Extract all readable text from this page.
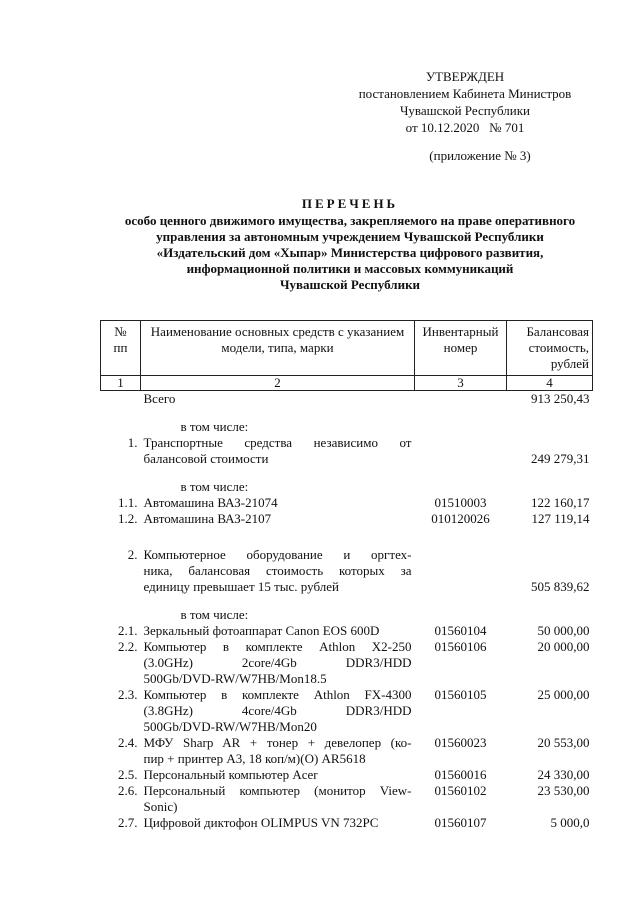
УТВЕРЖДЕН
постановлением Кабинета Министров
Чувашской Республики
от 10.12.2020   № 701
(приложение № 3)
ПЕРЕЧЕНЬ
особо ценного движимого имущества, закрепляемого на праве оперативного
управления за автономным учреждением Чувашской Республики
«Издательский дом «Хыпар» Министерства цифрового развития,
информационной политики и массовых коммуникаций
Чувашской Республики
№ пп	Наименование основных средств с указанием модели, типа, марки	Инвентарный номер	Балансовая стоимость, рублей
1	2	3	4
	Всего		913 250,43

	в том числе:		
1.	Транспортные средства независимо от
балансовой стоимости		249 279,31

	в том числе:		
1.1.	Автомашина ВАЗ-21074	01510003	122 160,17
1.2.	Автомашина ВАЗ-2107	010120026	127 119,14

2.	Компьютерное оборудование и оргтех-
ника, балансовая стоимость которых за
единицу превышает 15 тыс. рублей		505 839,62

	в том числе:		
2.1.	Зеркальный фотоаппарат Canon EOS 600D	01560104	50 000,00
2.2.	Компьютер в комплекте Athlon X2-250
(3.0GHz) 2core/4Gb DDR3/HDD
500Gb/DVD-RW/W7HB/Mon18.5	01560106	20 000,00
2.3.	Компьютер в комплекте Athlon FX-4300
(3.8GHz) 4core/4Gb DDR3/HDD
500Gb/DVD-RW/W7HB/Mon20	01560105	25 000,00
2.4.	МФУ Sharp AR + тонер + девелопер (ко-
пир + принтер А3, 18 коп/м)(О) AR5618	01560023	20 553,00
2.5.	Персональный компьютер Acer	01560016	24 330,00
2.6.	Персональный компьютер (монитор View-
Sonic)	01560102	23 530,00
2.7.	Цифровой диктофон OLIMPUS VN 732PC	01560107	5 000,0
